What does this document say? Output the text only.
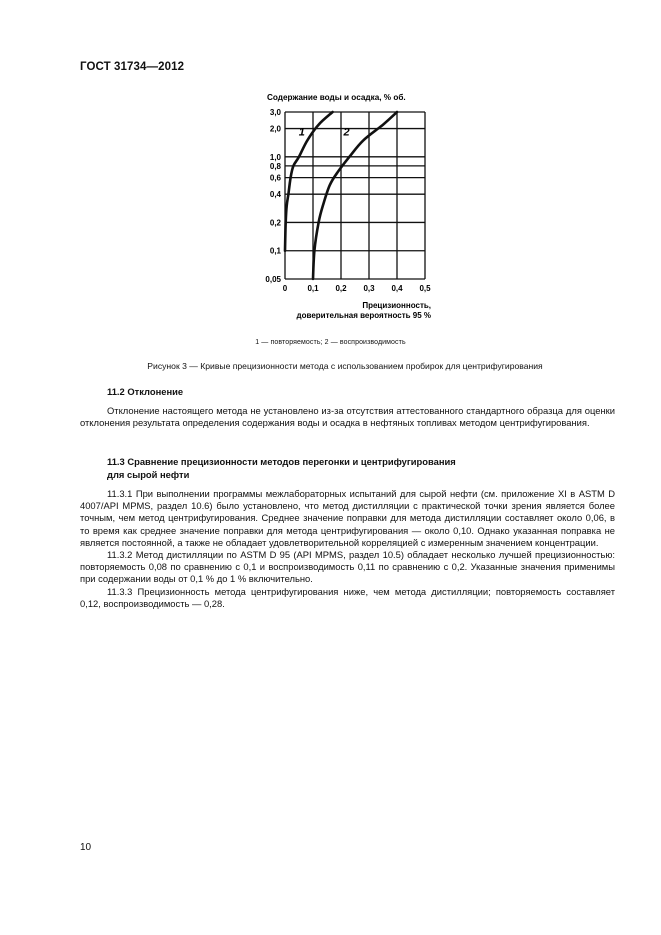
ГОСТ 31734—2012
Содержание воды и осадка, % об.
1	2
0	0,1 0,2 0,3 0,4 0,5
0,05
0,1
0,2
0,4
0,6
0,8
1,0
2,0
3,0
Прецизионность,
доверительная вероятность 95 %
1 — повторяемость; 2 — воспроизводимость
Рисунок 3 — Кривые прецизионности метода с использованием пробирок для центрифугирования
11.2 Отклонение

Отклонение настоящего метода не установлено из-за отсутствия аттестованного стандартного образца для оценки отклонения результата определения содержания воды и осадка в нефтяных топливах методом центрифугирования.

11.3 Сравнение прецизионности методов перегонки и центрифугирования
для сырой нефти

11.3.1 При выполнении программы межлабораторных испытаний для сырой нефти (см. приложение XI в ASTM D 4007/API MPMS, раздел 10.6) было установлено, что метод дистилляции с практической точки зрения является более точным, чем метод центрифугирования. Среднее значение поправки для метода дистилляции составляет около 0,06, в то время как среднее значение поправки для метода центрифугирования — около 0,10. Однако указанная поправка не является постоянной, а также не обладает удовлетворительной корреляцией с измеренным значением концентрации.

11.3.2 Метод дистилляции по ASTM D 95 (API MPMS, раздел 10.5) обладает несколько лучшей прецизионностью: повторяемость 0,08 по сравнению с 0,1 и воспроизводимость 0,11 по сравнению с 0,2. Указанные значения применимы при содержании воды от 0,1 % до 1 % включительно.

11.3.3 Прецизионность метода центрифугирования ниже, чем метода дистилляции; повторяемость составляет 0,12, воспроизводимость — 0,28.

10
